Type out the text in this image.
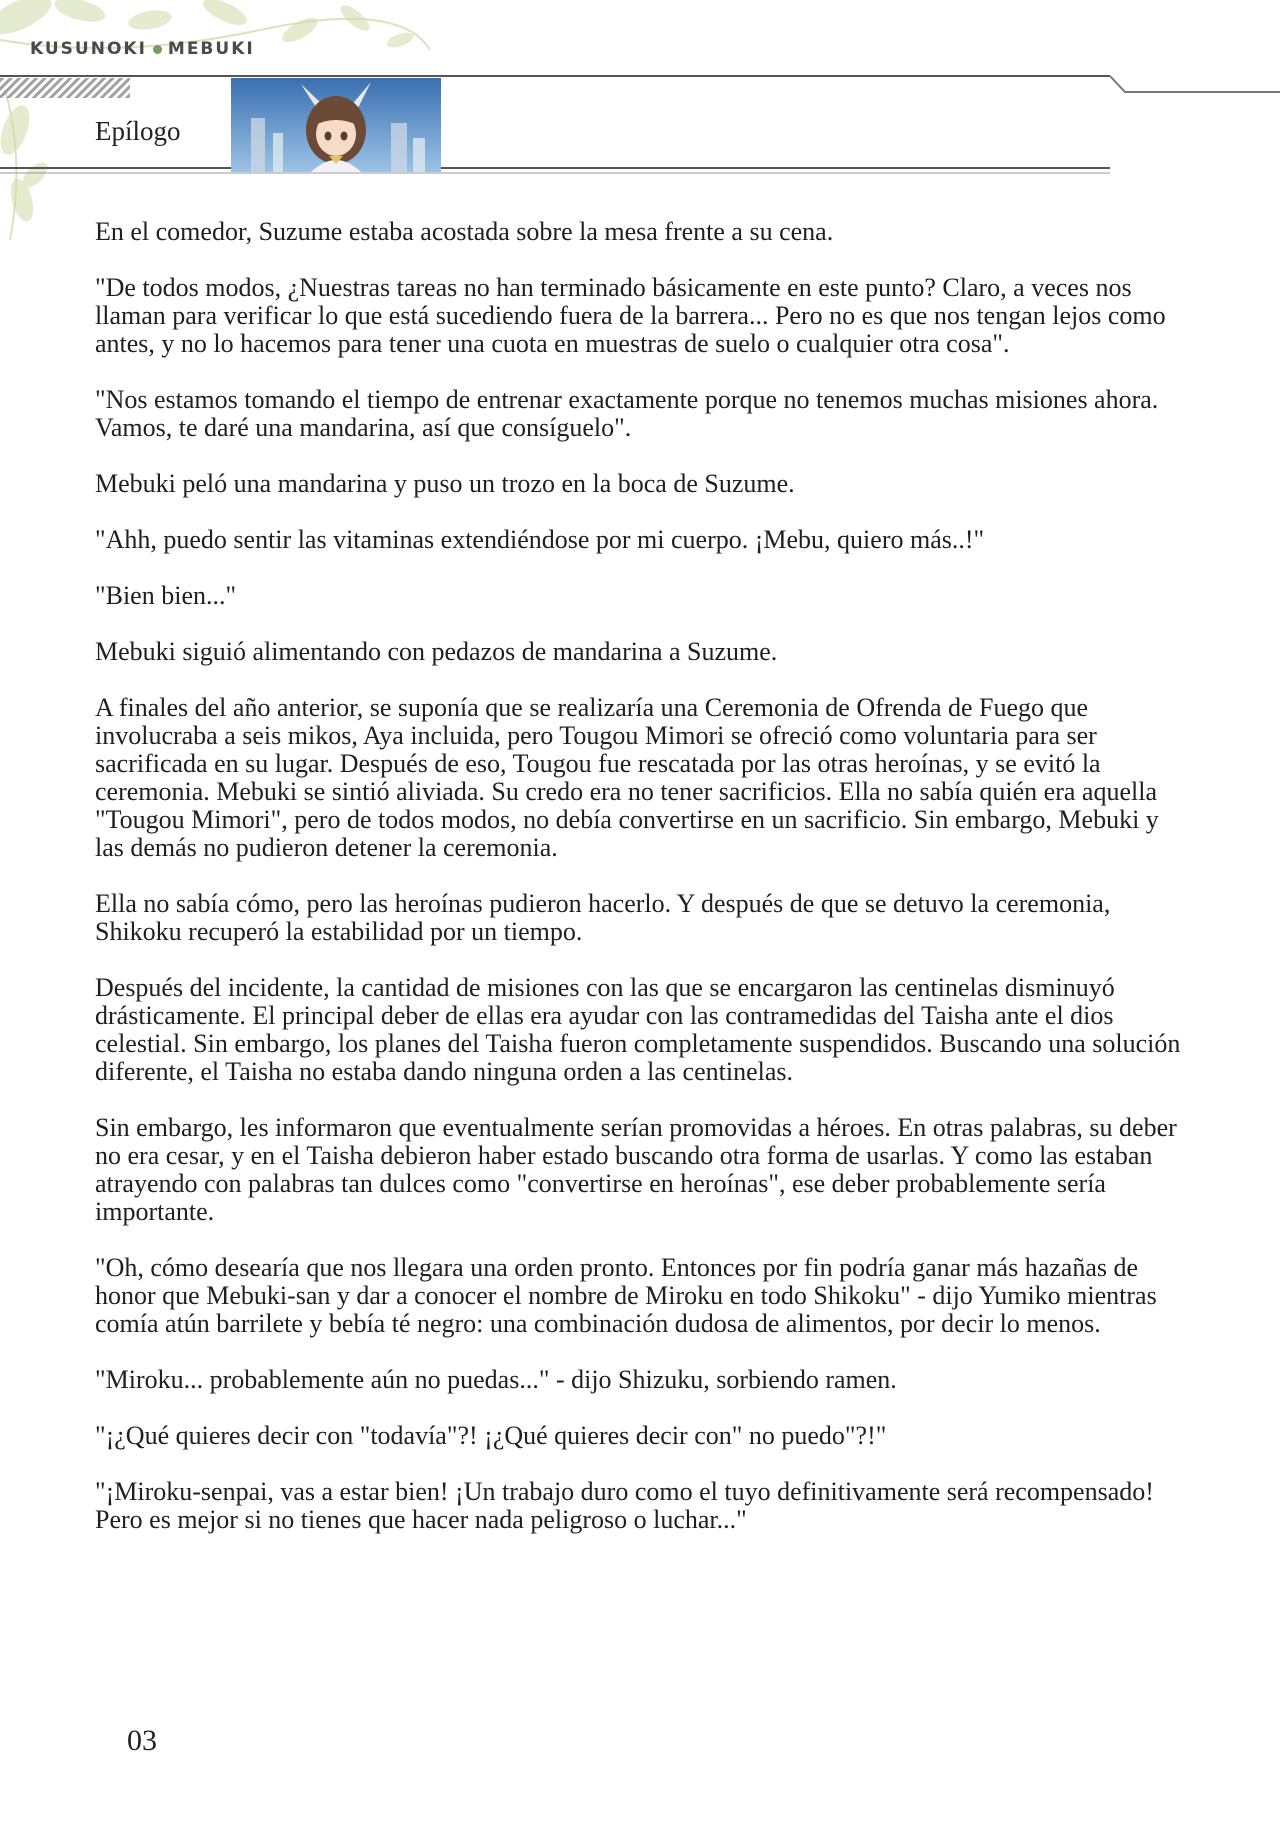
KUSUNOKI MEBUKI
Epílogo

En el comedor, Suzume estaba acostada sobre la mesa frente a su cena.

"De todos modos, ¿Nuestras tareas no han terminado básicamente en este punto? Claro, a veces nos llaman para verificar lo que está sucediendo fuera de la barrera... Pero no es que nos tengan lejos como antes, y no lo hacemos para tener una cuota en muestras de suelo o cualquier otra cosa".

"Nos estamos tomando el tiempo de entrenar exactamente porque no tenemos muchas misiones ahora. Vamos, te daré una mandarina, así que consíguelo".

Mebuki peló una mandarina y puso un trozo en la boca de Suzume.

"Ahh, puedo sentir las vitaminas extendiéndose por mi cuerpo. ¡Mebu, quiero más..!"

"Bien bien..."

Mebuki siguió alimentando con pedazos de mandarina a Suzume.

A finales del año anterior, se suponía que se realizaría una Ceremonia de Ofrenda de Fuego que involucraba a seis mikos, Aya incluida, pero Tougou Mimori se ofreció como voluntaria para ser sacrificada en su lugar. Después de eso, Tougou fue rescatada por las otras heroínas, y se evitó la ceremonia. Mebuki se sintió aliviada. Su credo era no tener sacrificios. Ella no sabía quién era aquella "Tougou Mimori", pero de todos modos, no debía convertirse en un sacrificio. Sin embargo, Mebuki y las demás no pudieron detener la ceremonia.

Ella no sabía cómo, pero las heroínas pudieron hacerlo. Y después de que se detuvo la ceremonia, Shikoku recuperó la estabilidad por un tiempo.

Después del incidente, la cantidad de misiones con las que se encargaron las centinelas disminuyó drásticamente. El principal deber de ellas era ayudar con las contramedidas del Taisha ante el dios celestial. Sin embargo, los planes del Taisha fueron completamente suspendidos. Buscando una solución diferente, el Taisha no estaba dando ninguna orden a las centinelas.

Sin embargo, les informaron que eventualmente serían promovidas a héroes. En otras palabras, su deber no era cesar, y en el Taisha debieron haber estado buscando otra forma de usarlas. Y como las estaban atrayendo con palabras tan dulces como "convertirse en heroínas", ese deber probablemente sería importante.

"Oh, cómo desearía que nos llegara una orden pronto. Entonces por fin podría ganar más hazañas de honor que Mebuki-san y dar a conocer el nombre de Miroku en todo Shikoku" - dijo Yumiko mientras comía atún barrilete y bebía té negro: una combinación dudosa de alimentos, por decir lo menos.

"Miroku... probablemente aún no puedas..." - dijo Shizuku, sorbiendo ramen.

"¡¿Qué quieres decir con "todavía"?! ¡¿Qué quieres decir con" no puedo"?!"

"¡Miroku-senpai, vas a estar bien! ¡Un trabajo duro como el tuyo definitivamente será recompensado! Pero es mejor si no tienes que hacer nada peligroso o luchar..."

03
